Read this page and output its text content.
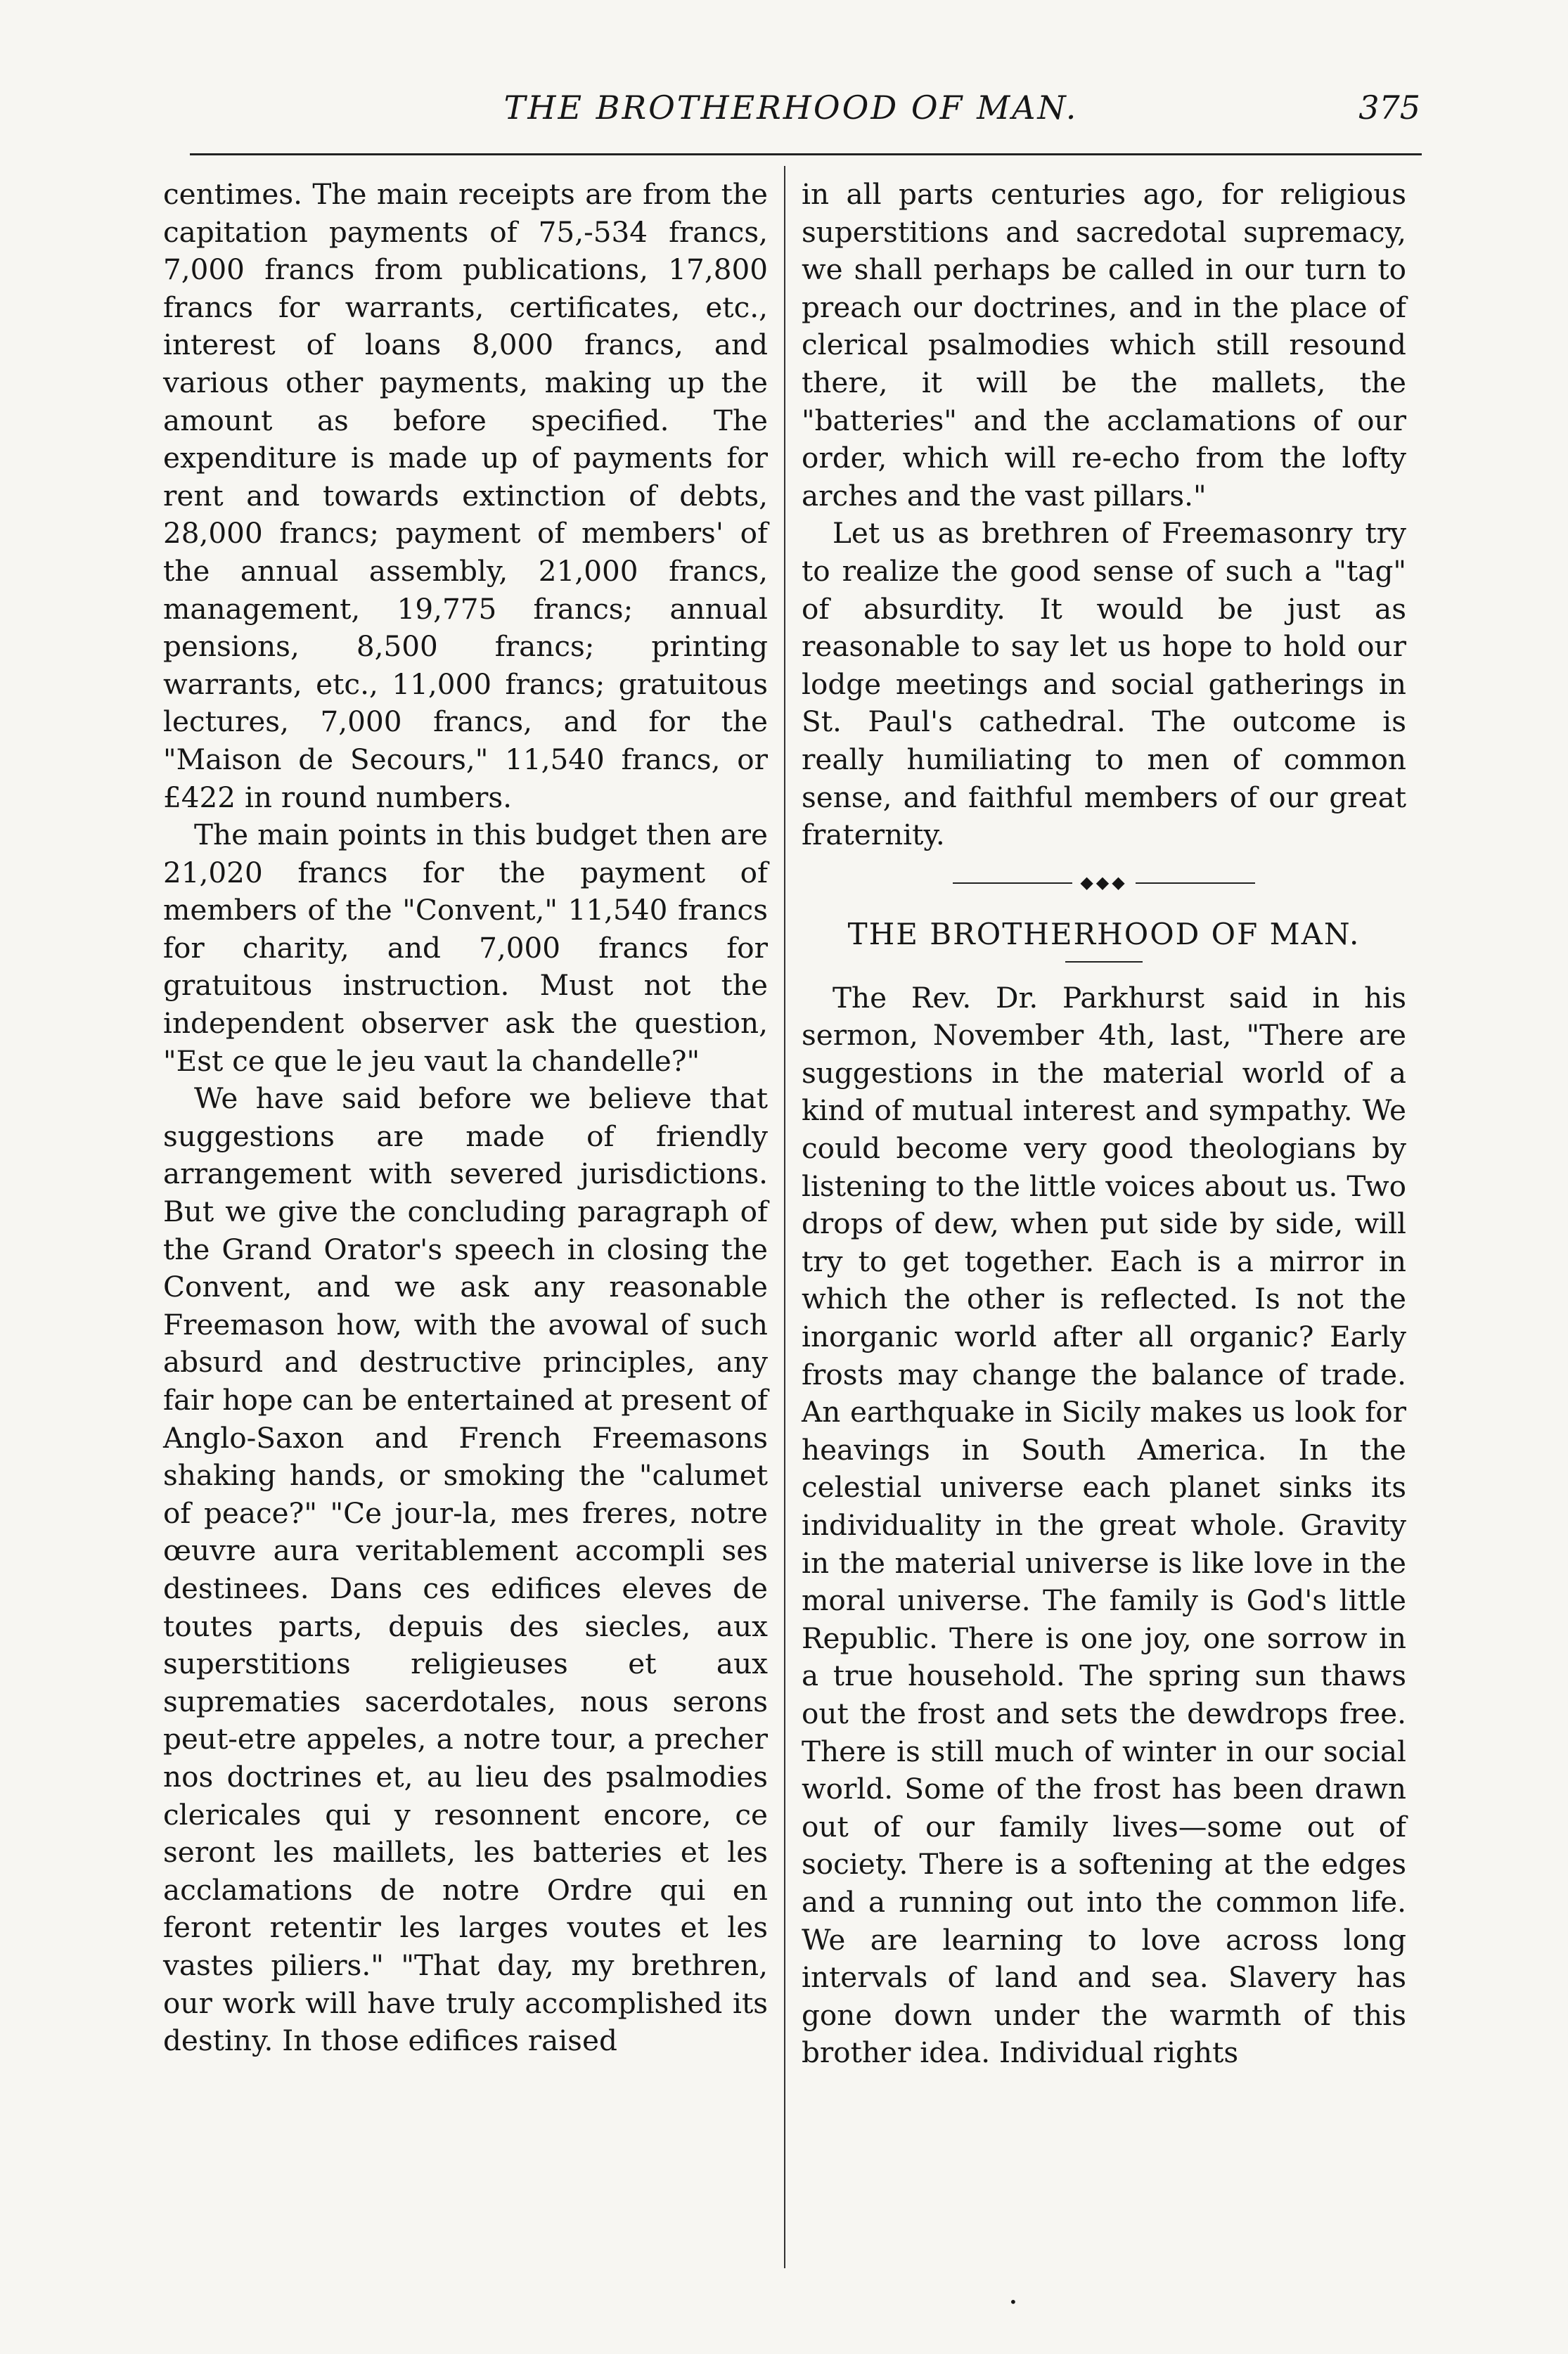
THE BROTHERHOOD OF MAN.	375

centimes. The main receipts are from the capitation payments of 75,-534 francs, 7,000 francs from publications, 17,800 francs for warrants, certificates, etc., interest of loans 8,000 francs, and various other payments, making up the amount as before specified. The expenditure is made up of payments for rent and towards extinction of debts, 28,000 francs; payment of members' of the annual assembly, 21,000 francs, management, 19,775 francs; annual pensions, 8,500 francs; printing warrants, etc., 11,000 francs; gratuitous lectures, 7,000 francs, and for the "Maison de Secours," 11,540 francs, or £422 in round numbers.

The main points in this budget then are 21,020 francs for the payment of members of the "Convent," 11,540 francs for charity, and 7,000 francs for gratuitous instruction. Must not the independent observer ask the question, "Est ce que le jeu vaut la chandelle?"

We have said before we believe that suggestions are made of friendly arrangement with severed jurisdictions. But we give the concluding paragraph of the Grand Orator's speech in closing the Convent, and we ask any reasonable Freemason how, with the avowal of such absurd and destructive principles, any fair hope can be entertained at present of Anglo-Saxon and French Freemasons shaking hands, or smoking the "calumet of peace?" "Ce jour-la, mes freres, notre œuvre aura veritablement accompli ses destinees. Dans ces edifices eleves de toutes parts, depuis des siecles, aux superstitions religieuses et aux suprematies sacerdotales, nous serons peut-etre appeles, a notre tour, a precher nos doctrines et, au lieu des psalmodies clericales qui y resonnent encore, ce seront les maillets, les batteries et les acclamations de notre Ordre qui en feront retentir les larges voutes et les vastes piliers." "That day, my brethren, our work will have truly accomplished its destiny. In those edifices raised

in all parts centuries ago, for religious superstitions and sacredotal supremacy, we shall perhaps be called in our turn to preach our doctrines, and in the place of clerical psalmodies which still resound there, it will be the mallets, the "batteries" and the acclamations of our order, which will re-echo from the lofty arches and the vast pillars."

Let us as brethren of Freemasonry try to realize the good sense of such a "tag" of absurdity. It would be just as reasonable to say let us hope to hold our lodge meetings and social gatherings in St. Paul's cathedral. The outcome is really humiliating to men of common sense, and faithful members of our great fraternity.

◆◆◆
THE BROTHERHOOD OF MAN.

The Rev. Dr. Parkhurst said in his sermon, November 4th, last, "There are suggestions in the material world of a kind of mutual interest and sympathy. We could become very good theologians by listening to the little voices about us. Two drops of dew, when put side by side, will try to get together. Each is a mirror in which the other is reflected. Is not the inorganic world after all organic? Early frosts may change the balance of trade. An earthquake in Sicily makes us look for heavings in South America. In the celestial universe each planet sinks its individuality in the great whole. Gravity in the material universe is like love in the moral universe. The family is God's little Republic. There is one joy, one sorrow in a true household. The spring sun thaws out the frost and sets the dewdrops free. There is still much of winter in our social world. Some of the frost has been drawn out of our family lives—some out of society. There is a softening at the edges and a running out into the common life. We are learning to love across long intervals of land and sea. Slavery has gone down under the warmth of this brother idea. Individual rights

•
